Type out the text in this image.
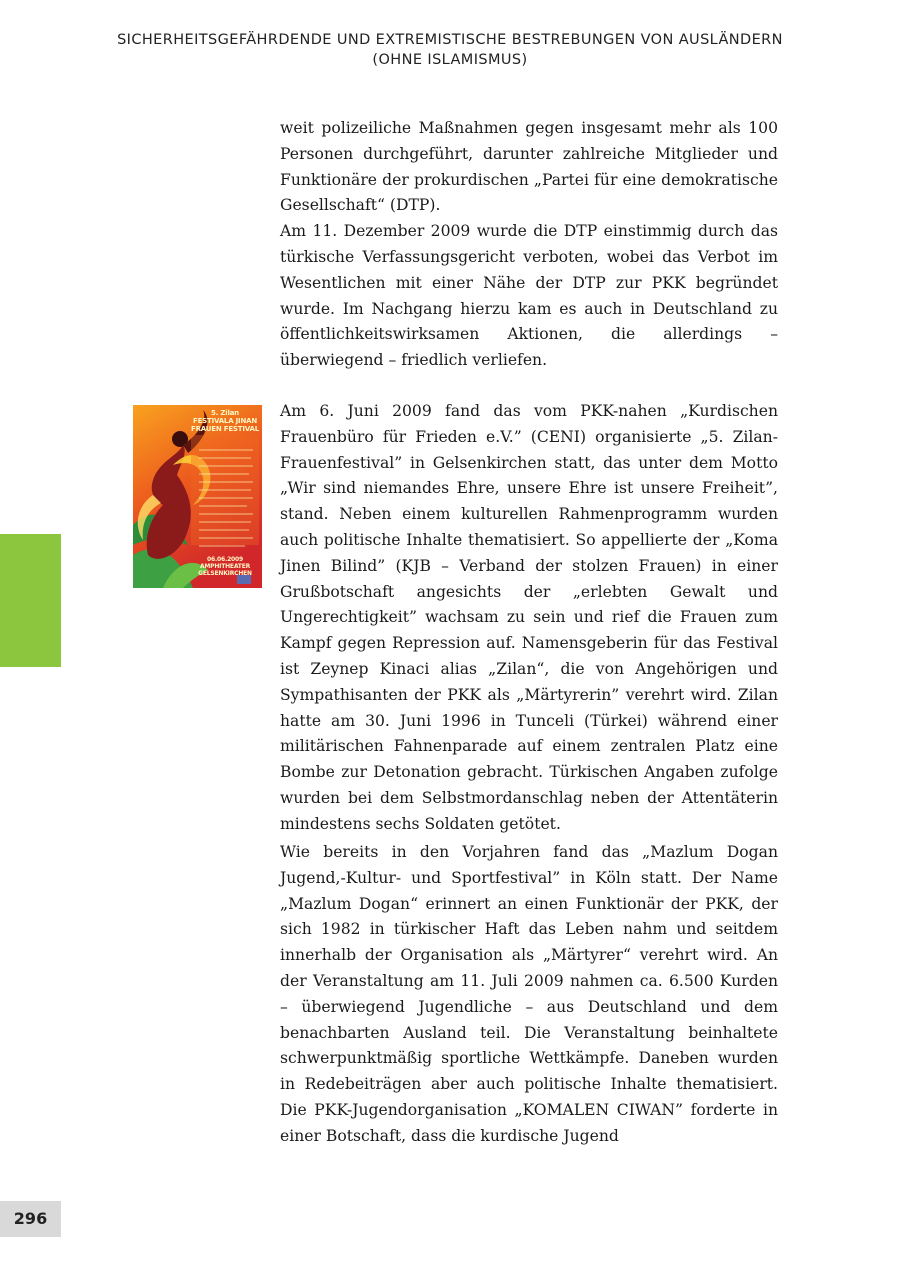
SICHERHEITSGEFÄHRDENDE UND EXTREMISTISCHE BESTREBUNGEN VON AUSLÄNDERN
(OHNE ISLAMISMUS)

weit polizeiliche Maßnahmen gegen insgesamt mehr als 100 Personen durchgeführt, darunter zahlreiche Mitglieder und Funktionäre der prokurdischen „Partei für eine demokratische Gesellschaft“ (DTP).

Am 11. Dezember 2009 wurde die DTP einstimmig durch das türkische Verfassungsgericht verboten, wobei das Verbot im Wesentlichen mit einer Nähe der DTP zur PKK begründet wurde. Im Nachgang hierzu kam es auch in Deutschland zu öffentlichkeitswirksamen Aktionen, die allerdings – überwiegend – friedlich verliefen.

5. Zilan
FESTIVALA JINAN
FRAUEN FESTIVAL
06.06.2009
AMPHITHEATER
GELSENKIRCHEN

Am 6. Juni 2009 fand das vom PKK-nahen „Kurdischen Frauenbüro für Frieden e.V.” (CENI) organisierte „5. Zilan-Frauenfestival” in Gelsenkirchen statt, das unter dem Motto „Wir sind niemandes Ehre, unsere Ehre ist unsere Freiheit”, stand. Neben einem kulturellen Rahmenprogramm wurden auch politische Inhalte thematisiert. So appellierte der „Koma Jinen Bilind” (KJB – Verband der stolzen Frauen) in einer Grußbotschaft angesichts der „erlebten Gewalt und Ungerechtigkeit” wachsam zu sein und rief die Frauen zum Kampf gegen Repression auf. Namensgeberin für das Festival ist Zeynep Kinaci alias „Zilan“, die von Angehörigen und Sympathisanten der PKK als „Märtyrerin” verehrt wird. Zilan hatte am 30. Juni 1996 in Tunceli (Türkei) während einer militärischen Fahnenparade auf einem zentralen Platz eine Bombe zur Detonation gebracht. Türkischen Angaben zufolge wurden bei dem Selbstmordanschlag neben der Attentäterin mindestens sechs Soldaten getötet.

Wie bereits in den Vorjahren fand das „Mazlum Dogan Jugend,-Kultur- und Sportfestival” in Köln statt. Der Name „Mazlum Dogan“ erinnert an einen Funktionär der PKK, der sich 1982 in türkischer Haft das Leben nahm und seitdem innerhalb der Organisation als „Märtyrer“ verehrt wird. An der Veranstaltung am 11. Juli 2009 nahmen ca. 6.500 Kurden – überwiegend Jugendliche – aus Deutschland und dem benachbarten Ausland teil. Die Veranstaltung beinhaltete schwerpunktmäßig sportliche Wettkämpfe. Daneben wurden in Redebeiträgen aber auch politische Inhalte thematisiert. Die PKK-Jugendorganisation „KOMALEN CIWAN” forderte in einer Botschaft, dass die kurdische Jugend

296
